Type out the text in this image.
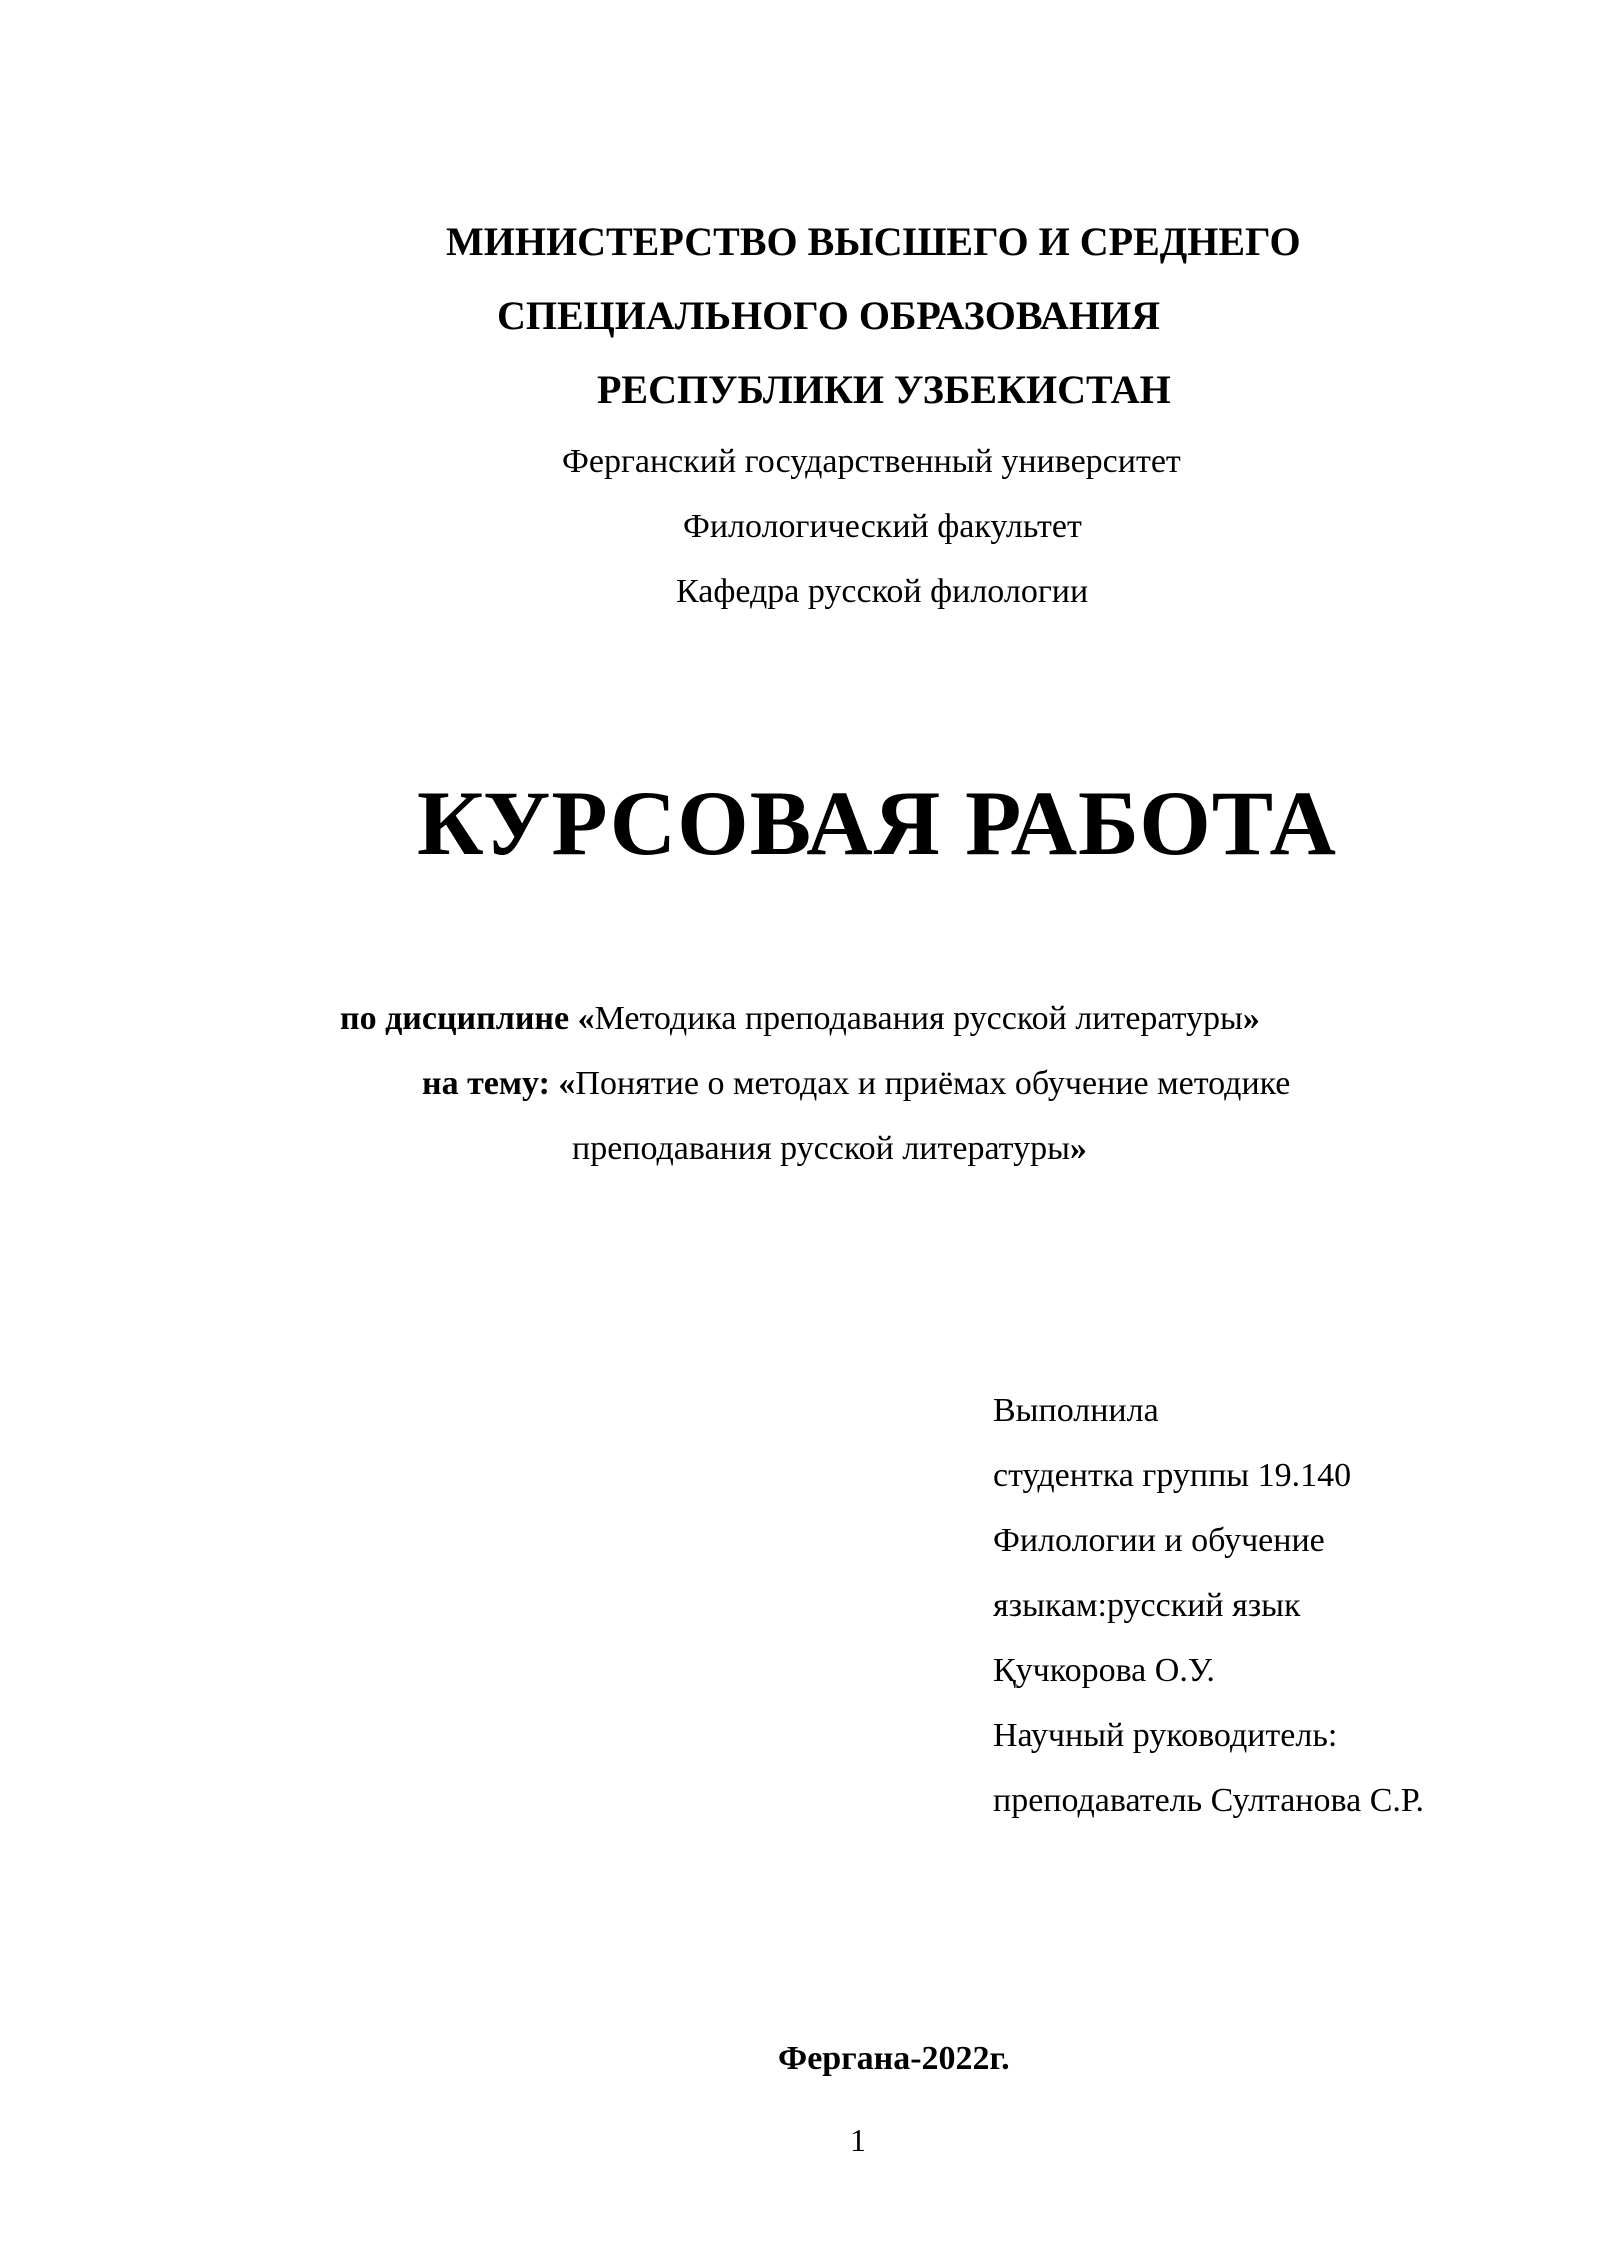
МИНИСТЕРСТВО ВЫСШЕГО И СРЕДНЕГО
СПЕЦИАЛЬНОГО ОБРАЗОВАНИЯ
РЕСПУБЛИКИ УЗБЕКИСТАН
Ферганский государственный университет
Филологический факультет
Кафедра русской филологии
КУРСОВАЯ РАБОТА
по дисциплине «Методика преподавания русской литературы»
на тему: «Понятие о методах и приёмах обучение методике
преподавания русской литературы»
Выполнила
студентка группы 19.140
Филологии и обучение
языкам:русский язык
Қучкорова О.У.
Научный руководитель:
преподаватель Султанова С.Р.
Фергана-2022г.
1
